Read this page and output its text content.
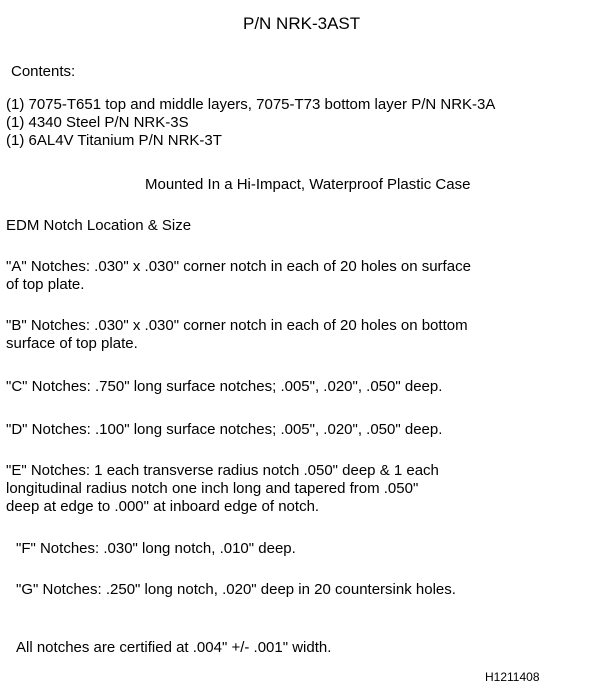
P/N NRK-3AST
Contents:
(1) 7075-T651 top and middle layers, 7075-T73 bottom layer P/N NRK-3A
(1) 4340 Steel P/N NRK-3S
(1) 6AL4V Titanium P/N NRK-3T
Mounted In a Hi-Impact, Waterproof Plastic Case
EDM Notch Location & Size
"A" Notches: .030" x .030" corner notch in each of 20 holes on surface
of top plate.
"B" Notches: .030" x .030" corner notch in each of 20 holes on bottom
surface of top plate.
"C" Notches: .750" long surface notches; .005", .020", .050" deep.
"D" Notches: .100" long surface notches; .005", .020", .050" deep.
"E" Notches: 1 each transverse radius notch .050" deep & 1 each
longitudinal radius notch one inch long and tapered from .050"
deep at edge to .000" at inboard edge of notch.
"F" Notches: .030" long notch, .010" deep.
"G" Notches: .250" long notch, .020" deep in 20 countersink holes.
All notches are certified at .004" +/- .001" width.
H1211408
